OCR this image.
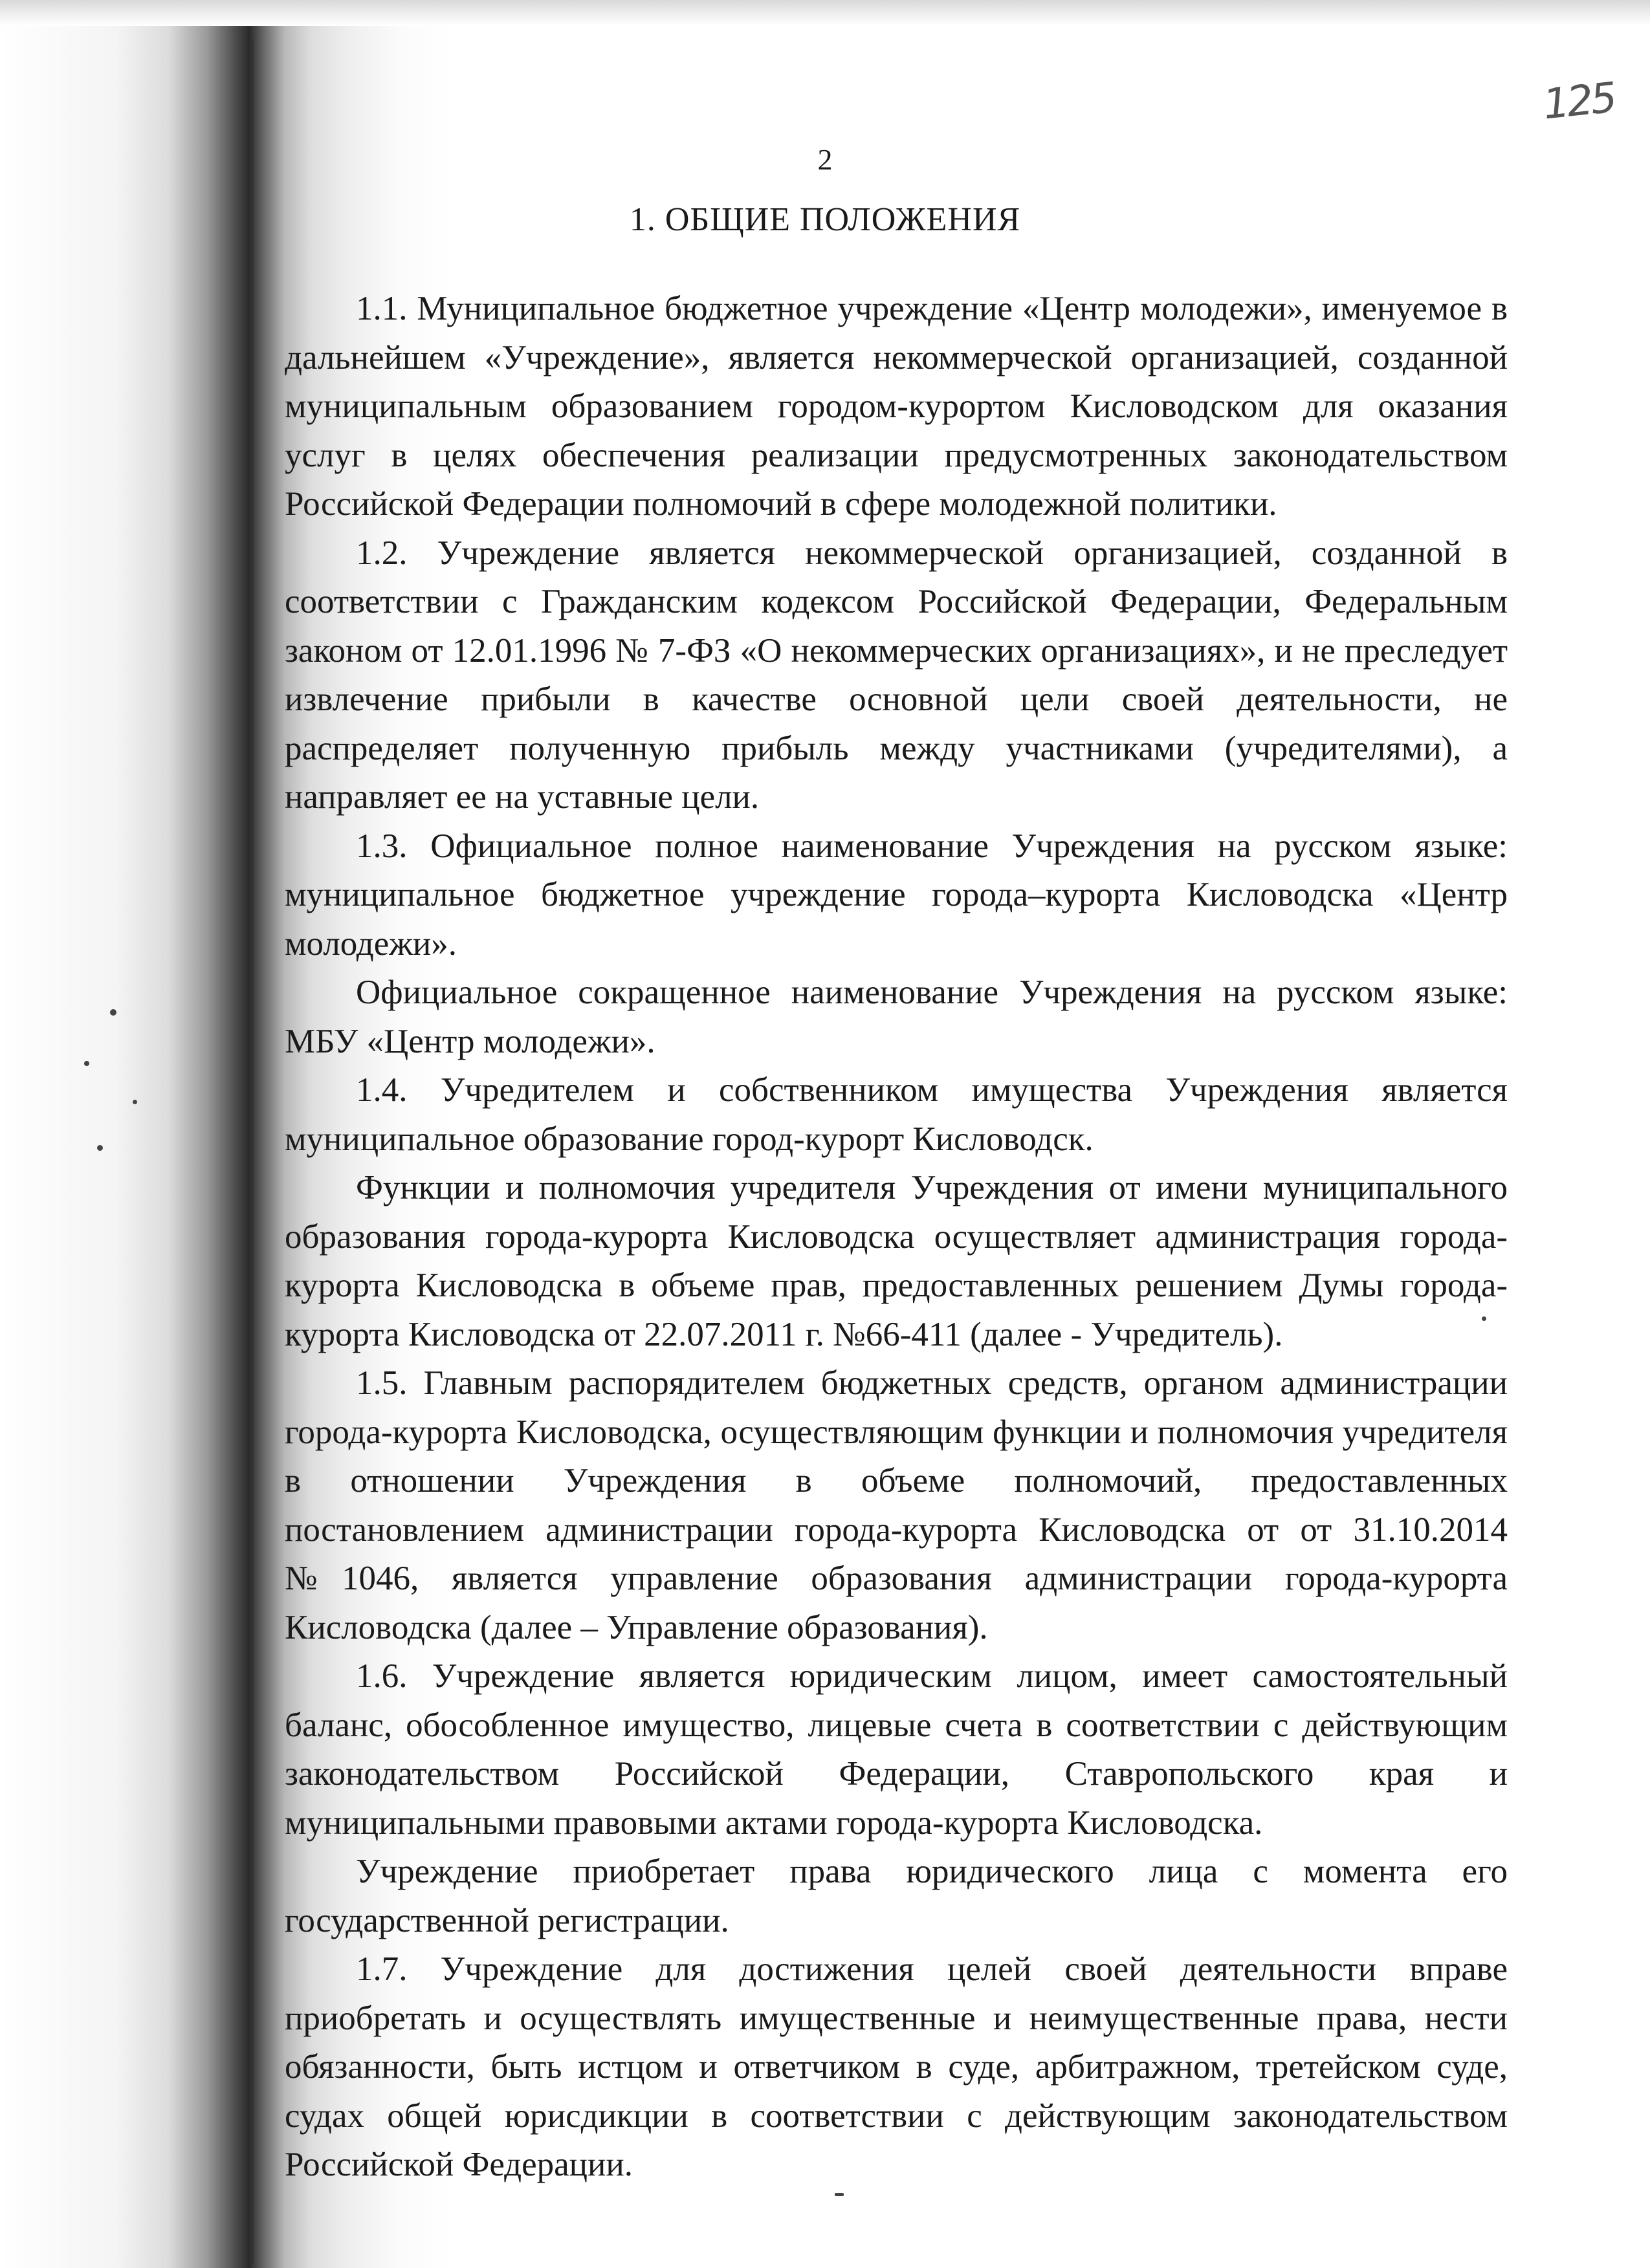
125
2
1. ОБЩИЕ ПОЛОЖЕНИЯ

1.1. Муниципальное бюджетное учреждение «Центр молодежи», именуемое в дальнейшем «Учреждение», является некоммерческой организацией, созданной муниципальным образованием городом-курортом Кисловодском для оказания услуг в целях обеспечения реализации предусмотренных законодательством Российской Федерации полномочий в сфере молодежной политики.

1.2. Учреждение является некоммерческой организацией, созданной в соответствии с Гражданским кодексом Российской Федерации, Федеральным законом от 12.01.1996 № 7-ФЗ «О некоммерческих организациях», и не преследует извлечение прибыли в качестве основной цели своей деятельности, не распределяет полученную прибыль между участниками (учредителями), а направляет ее на уставные цели.

1.3. Официальное полное наименование Учреждения на русском языке: муниципальное бюджетное учреждение города–курорта Кисловодска «Центр молодежи».

Официальное сокращенное наименование Учреждения на русском языке: МБУ «Центр молодежи».

1.4. Учредителем и собственником имущества Учреждения является муниципальное образование город-курорт Кисловодск.

Функции и полномочия учредителя Учреждения от имени муниципального образования города-курорта Кисловодска осуществляет администрация города-курорта Кисловодска в объеме прав, предоставленных решением Думы города-курорта Кисловодска от 22.07.2011 г. №66-411 (далее - Учредитель).

1.5. Главным распорядителем бюджетных средств, органом администрации города-курорта Кисловодска, осуществляющим функции и полномочия учредителя в отношении Учреждения в объеме полномочий, предоставленных постановлением администрации города-курорта Кисловодска от от 31.10.2014 №1046, является управление образования администрации города-курорта Кисловодска (далее – Управление образования).

1.6. Учреждение является юридическим лицом, имеет самостоятельный баланс, обособленное имущество, лицевые счета в соответствии с действующим законодательством Российской Федерации, Ставропольского края и муниципальными правовыми актами города-курорта Кисловодска.

Учреждение приобретает права юридического лица с момента его государственной регистрации.

1.7. Учреждение для достижения целей своей деятельности вправе приобретать и осуществлять имущественные и неимущественные права, нести обязанности, быть истцом и ответчиком в суде, арбитражном, третейском суде, судах общей юрисдикции в соответствии с действующим законодательством Российской Федерации.
